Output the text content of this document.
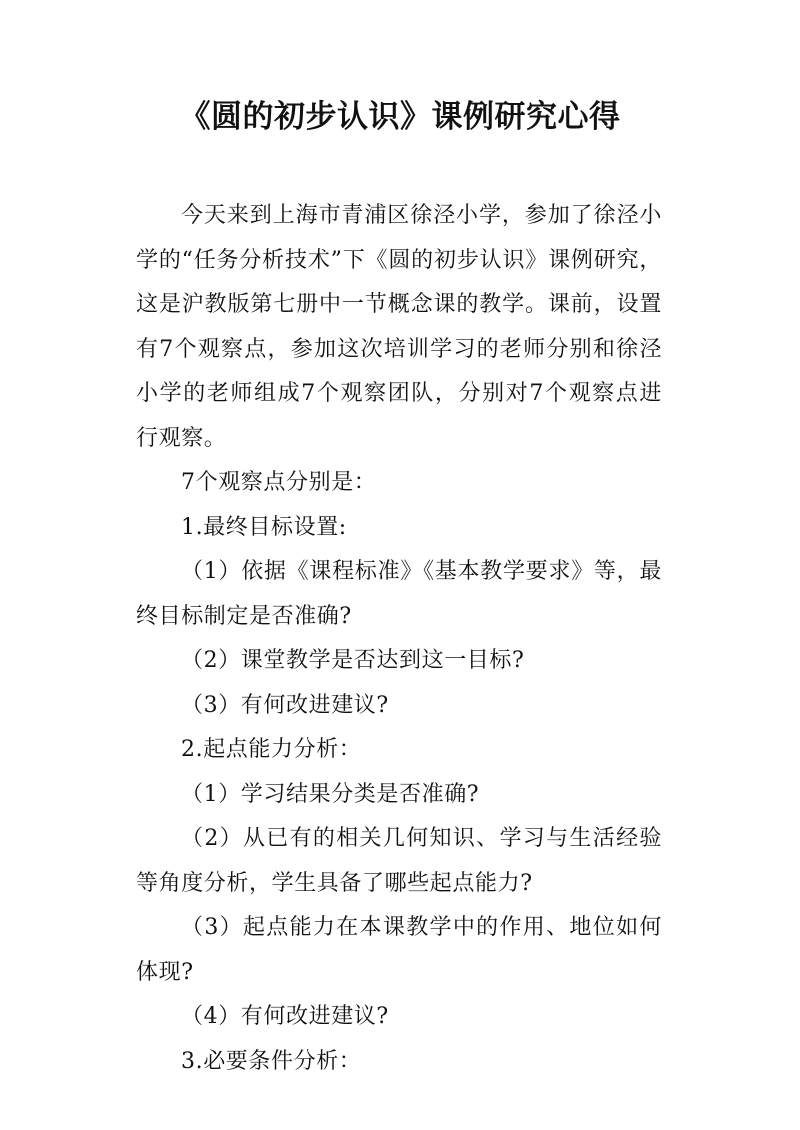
《圆的初步认识》课例研究心得

今天来到上海市青浦区徐泾小学，参加了徐泾小学的“任务分析技术”下《圆的初步认识》课例研究，这是沪教版第七册中一节概念课的教学。课前，设置有7个观察点，参加这次培训学习的老师分别和徐泾小学的老师组成7个观察团队，分别对7个观察点进行观察。

7个观察点分别是：

1.最终目标设置:

（1）依据《课程标准》《基本教学要求》等，最终目标制定是否准确?

（2）课堂教学是否达到这一目标?

（3）有何改进建议?

2.起点能力分析：

（1）学习结果分类是否准确?

（2）从已有的相关几何知识、学习与生活经验等角度分析，学生具备了哪些起点能力?

（3）起点能力在本课教学中的作用、地位如何体现?

（4）有何改进建议?

3.必要条件分析：
